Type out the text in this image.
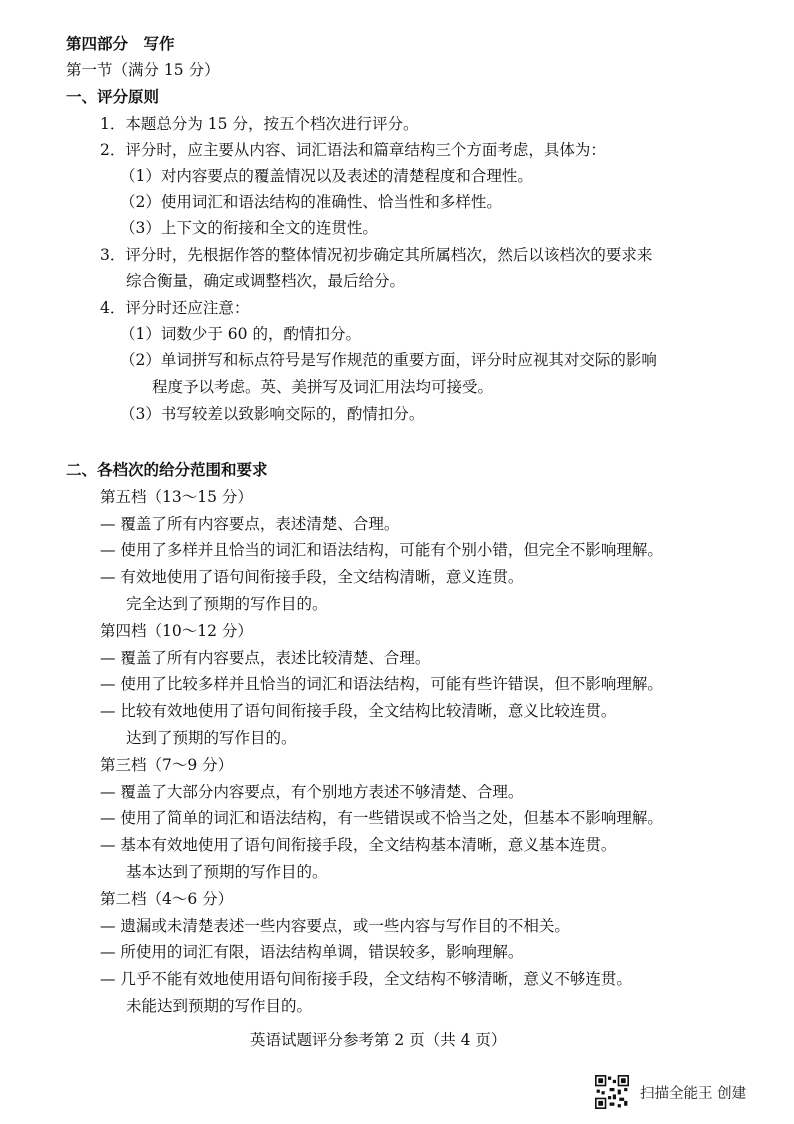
第四部分　写作
第一节（满分 15 分）
一、评分原则
1．本题总分为 15 分，按五个档次进行评分。
2．评分时，应主要从内容、词汇语法和篇章结构三个方面考虑，具体为：
（1）对内容要点的覆盖情况以及表述的清楚程度和合理性。
（2）使用词汇和语法结构的准确性、恰当性和多样性。
（3）上下文的衔接和全文的连贯性。
3．评分时，先根据作答的整体情况初步确定其所属档次，然后以该档次的要求来
综合衡量，确定或调整档次，最后给分。
4．评分时还应注意：
（1）词数少于 60 的，酌情扣分。
（2）单词拼写和标点符号是写作规范的重要方面，评分时应视其对交际的影响
程度予以考虑。英、美拼写及词汇用法均可接受。
（3）书写较差以致影响交际的，酌情扣分。
二、各档次的给分范围和要求
第五档（13～15 分）
— 覆盖了所有内容要点，表述清楚、合理。
— 使用了多样并且恰当的词汇和语法结构，可能有个别小错，但完全不影响理解。
— 有效地使用了语句间衔接手段，全文结构清晰，意义连贯。
完全达到了预期的写作目的。
第四档（10～12 分）
— 覆盖了所有内容要点，表述比较清楚、合理。
— 使用了比较多样并且恰当的词汇和语法结构，可能有些许错误，但不影响理解。
— 比较有效地使用了语句间衔接手段，全文结构比较清晰，意义比较连贯。
达到了预期的写作目的。
第三档（7～9 分）
— 覆盖了大部分内容要点，有个别地方表述不够清楚、合理。
— 使用了简单的词汇和语法结构，有一些错误或不恰当之处，但基本不影响理解。
— 基本有效地使用了语句间衔接手段，全文结构基本清晰，意义基本连贯。
基本达到了预期的写作目的。
第二档（4～6 分）
— 遗漏或未清楚表述一些内容要点，或一些内容与写作目的不相关。
— 所使用的词汇有限，语法结构单调，错误较多，影响理解。
— 几乎不能有效地使用语句间衔接手段，全文结构不够清晰，意义不够连贯。
未能达到预期的写作目的。
英语试题评分参考第 2 页（共 4 页）
扫描全能王 创建
